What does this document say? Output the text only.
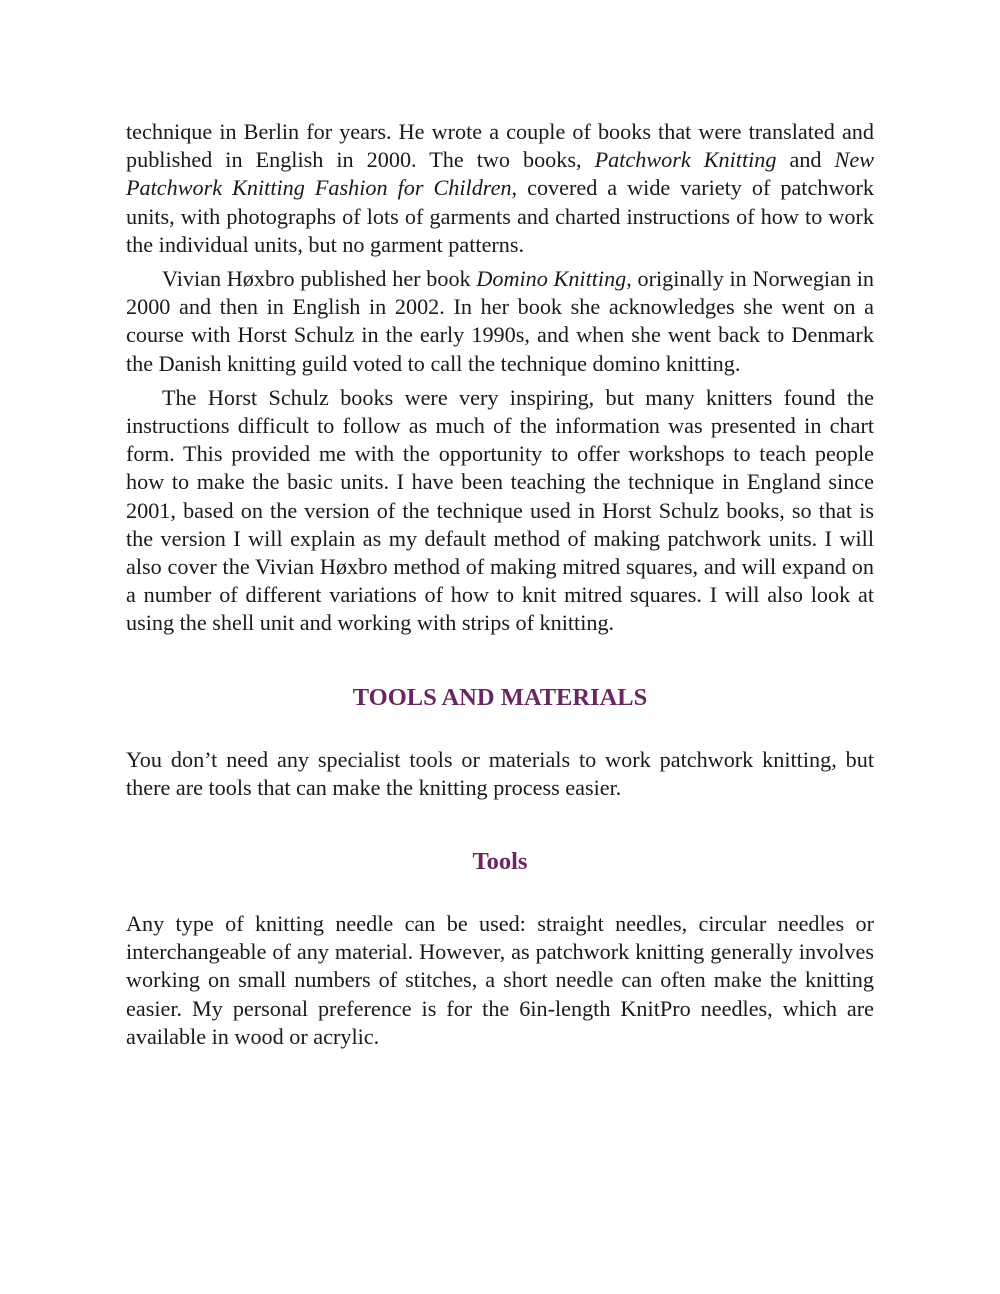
technique in Berlin for years. He wrote a couple of books that were translated and published in English in 2000. The two books, Patchwork Knitting and New Patchwork Knitting Fashion for Children, covered a wide variety of patchwork units, with photographs of lots of garments and charted instructions of how to work the individual units, but no garment patterns.

Vivian Høxbro published her book Domino Knitting, originally in Norwegian in 2000 and then in English in 2002. In her book she acknowledges she went on a course with Horst Schulz in the early 1990s, and when she went back to Denmark the Danish knitting guild voted to call the technique domino knitting.

The Horst Schulz books were very inspiring, but many knitters found the instructions difficult to follow as much of the information was presented in chart form. This provided me with the opportunity to offer workshops to teach people how to make the basic units. I have been teaching the technique in England since 2001, based on the version of the technique used in Horst Schulz books, so that is the version I will explain as my default method of making patchwork units. I will also cover the Vivian Høxbro method of making mitred squares, and will expand on a number of different variations of how to knit mitred squares. I will also look at using the shell unit and working with strips of knitting.

TOOLS AND MATERIALS

You don’t need any specialist tools or materials to work patchwork knitting, but there are tools that can make the knitting process easier.

Tools

Any type of knitting needle can be used: straight needles, circular needles or interchangeable of any material. However, as patchwork knitting generally involves working on small numbers of stitches, a short needle can often make the knitting easier. My personal preference is for the 6in-length KnitPro needles, which are available in wood or acrylic.
